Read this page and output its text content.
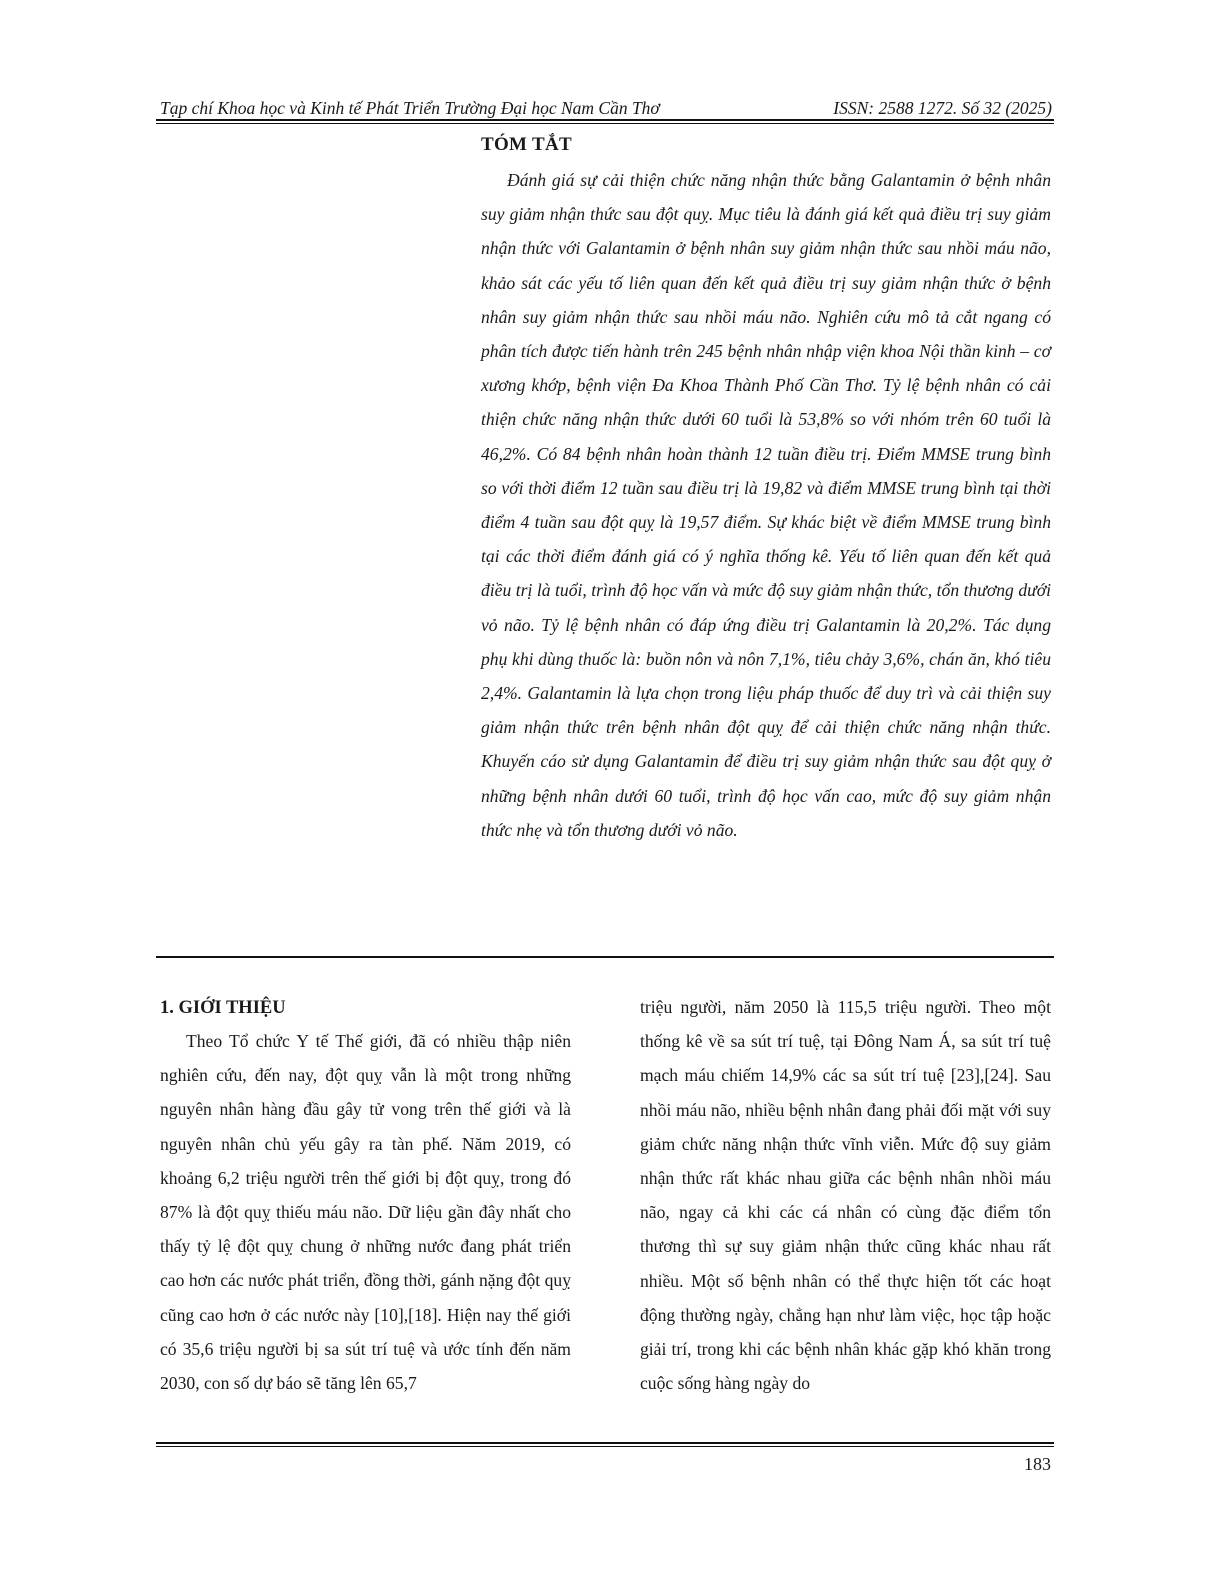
Tạp chí Khoa học và Kinh tế Phát Triển Trường Đại học Nam Cần Thơ	ISSN: 2588 1272. Số 32 (2025)
TÓM TẮT

Đánh giá sự cải thiện chức năng nhận thức bằng Galantamin ở bệnh nhân suy giảm nhận thức sau đột quỵ. Mục tiêu là đánh giá kết quả điều trị suy giảm nhận thức với Galantamin ở bệnh nhân suy giảm nhận thức sau nhồi máu não, khảo sát các yếu tố liên quan đến kết quả điều trị suy giảm nhận thức ở bệnh nhân suy giảm nhận thức sau nhồi máu não. Nghiên cứu mô tả cắt ngang có phân tích được tiến hành trên 245 bệnh nhân nhập viện khoa Nội thần kinh – cơ xương khớp, bệnh viện Đa Khoa Thành Phố Cần Thơ. Tỷ lệ bệnh nhân có cải thiện chức năng nhận thức dưới 60 tuổi là 53,8% so với nhóm trên 60 tuổi là 46,2%. Có 84 bệnh nhân hoàn thành 12 tuần điều trị. Điểm MMSE trung bình so với thời điểm 12 tuần sau điều trị là 19,82 và điểm MMSE trung bình tại thời điểm 4 tuần sau đột quỵ là 19,57 điểm. Sự khác biệt về điểm MMSE trung bình tại các thời điểm đánh giá có ý nghĩa thống kê. Yếu tố liên quan đến kết quả điều trị là tuổi, trình độ học vấn và mức độ suy giảm nhận thức, tổn thương dưới vỏ não. Tỷ lệ bệnh nhân có đáp ứng điều trị Galantamin là 20,2%. Tác dụng phụ khi dùng thuốc là: buồn nôn và nôn 7,1%, tiêu chảy 3,6%, chán ăn, khó tiêu 2,4%. Galantamin là lựa chọn trong liệu pháp thuốc để duy trì và cải thiện suy giảm nhận thức trên bệnh nhân đột quỵ để cải thiện chức năng nhận thức. Khuyến cáo sử dụng Galantamin để điều trị suy giảm nhận thức sau đột quỵ ở những bệnh nhân dưới 60 tuổi, trình độ học vấn cao, mức độ suy giảm nhận thức nhẹ và tổn thương dưới vỏ não.

1. GIỚI THIỆU

Theo Tổ chức Y tế Thế giới, đã có nhiều thập niên nghiên cứu, đến nay, đột quỵ vẫn là một trong những nguyên nhân hàng đầu gây tử vong trên thế giới và là nguyên nhân chủ yếu gây ra tàn phế. Năm 2019, có khoảng 6,2 triệu người trên thế giới bị đột quỵ, trong đó 87% là đột quỵ thiếu máu não. Dữ liệu gần đây nhất cho thấy tỷ lệ đột quỵ chung ở những nước đang phát triển cao hơn các nước phát triển, đồng thời, gánh nặng đột quỵ cũng cao hơn ở các nước này [10],[18]. Hiện nay thế giới có 35,6 triệu người bị sa sút trí tuệ và ước tính đến năm 2030, con số dự báo sẽ tăng lên 65,7

triệu người, năm 2050 là 115,5 triệu người. Theo một thống kê về sa sút trí tuệ, tại Đông Nam Á, sa sút trí tuệ mạch máu chiếm 14,9% các sa sút trí tuệ [23],[24]. Sau nhồi máu não, nhiều bệnh nhân đang phải đối mặt với suy giảm chức năng nhận thức vĩnh viễn. Mức độ suy giảm nhận thức rất khác nhau giữa các bệnh nhân nhồi máu não, ngay cả khi các cá nhân có cùng đặc điểm tổn thương thì sự suy giảm nhận thức cũng khác nhau rất nhiều. Một số bệnh nhân có thể thực hiện tốt các hoạt động thường ngày, chẳng hạn như làm việc, học tập hoặc giải trí, trong khi các bệnh nhân khác gặp khó khăn trong cuộc sống hàng ngày do

183
